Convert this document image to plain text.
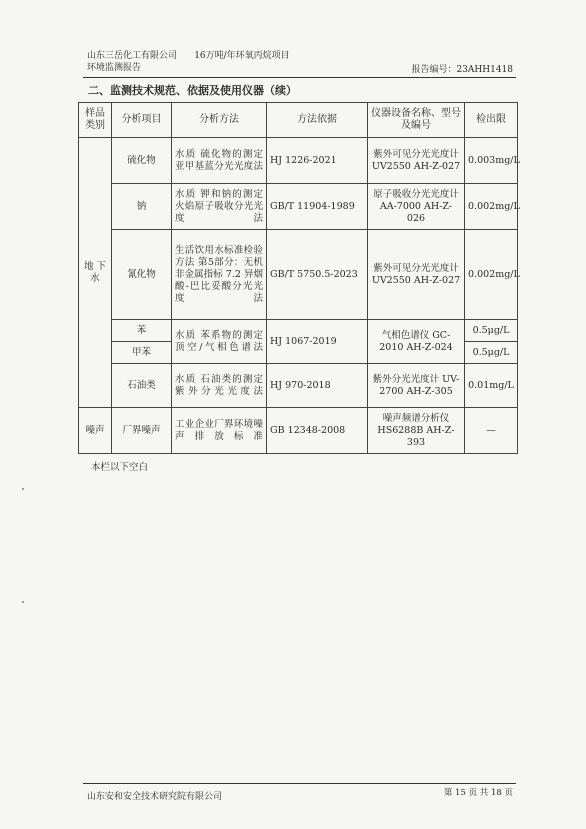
山东三岳化工有限公司 16万吨/年环氧丙烷项目
环境监测报告	报告编号：23AHH1418
二、监测技术规范、依据及使用仪器（续）
样品类别	分析项目	分析方法	方法依据	仪器设备名称、型号及编号	检出限
地 下 水	硫化物	水质 硫化物的测定 亚甲基蓝分光光度法	HJ 1226-2021	紫外可见分光光度计 UV2550 AH-Z-027	0.003mg/L
	钠	水质 钾和钠的测定 火焰原子吸收分光光度法	GB/T 11904-1989	原子吸收分光光度计 AA-7000 AH-Z-026	0.002mg/L
	氰化物	生活饮用水标准检验方法 第5部分：无机非金属指标 7.2 异烟酸-巴比妥酸分光光度法	GB/T 5750.5-2023	紫外可见分光光度计 UV2550 AH-Z-027	0.002mg/L
	苯	水质 苯系物的测定 顶空/气相色谱法	HJ 1067-2019	气相色谱仪 GC-2010 AH-Z-024	0.5μg/L
	甲苯				0.5μg/L
	石油类	水质 石油类的测定 紫外分光光度法	HJ 970-2018	紫外分光光度计 UV-2700 AH-Z-305	0.01mg/L
噪声	厂界噪声	工业企业厂界环境噪声排放标准	GB 12348-2008	噪声频谱分析仪 HS6288B AH-Z-393	—
本栏以下空白
山东安和安全技术研究院有限公司	第 15 页 共 18 页
